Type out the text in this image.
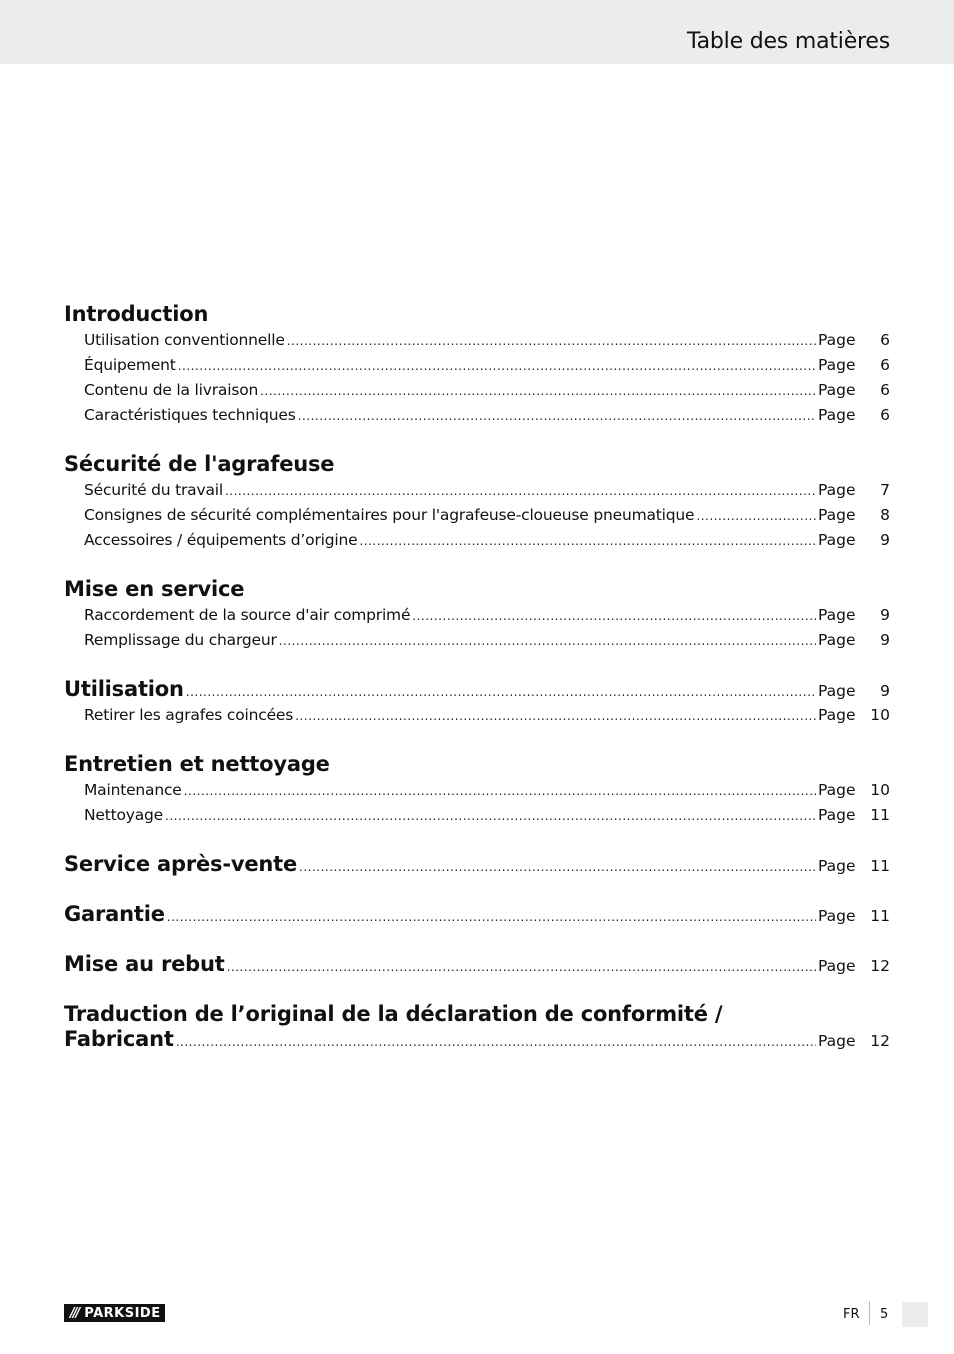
Table des matières
Introduction
Utilisation conventionnelle .....	Page	6
Équipement .....	Page	6
Contenu de la livraison .....	Page	6
Caractéristiques techniques .....	Page	6
Sécurité de l'agrafeuse
Sécurité du travail .....	Page	7
Consignes de sécurité complémentaires pour l'agrafeuse-cloueuse pneumatique .....	Page	8
Accessoires / équipements d’origine .....	Page	9
Mise en service
Raccordement de la source d'air comprimé .....	Page	9
Remplissage du chargeur .....	Page	9
Utilisation .....	Page	9
Retirer les agrafes coincées .....	Page 10
Entretien et nettoyage
Maintenance .....	Page 10
Nettoyage .....	Page 11
Service après-vente .....	Page 11
Garantie .....	Page 11
Mise au rebut .....	Page 12
Traduction de l’original de la déclaration de conformité /
Fabricant .....	Page 12
/// PARKSIDE	FR 5
